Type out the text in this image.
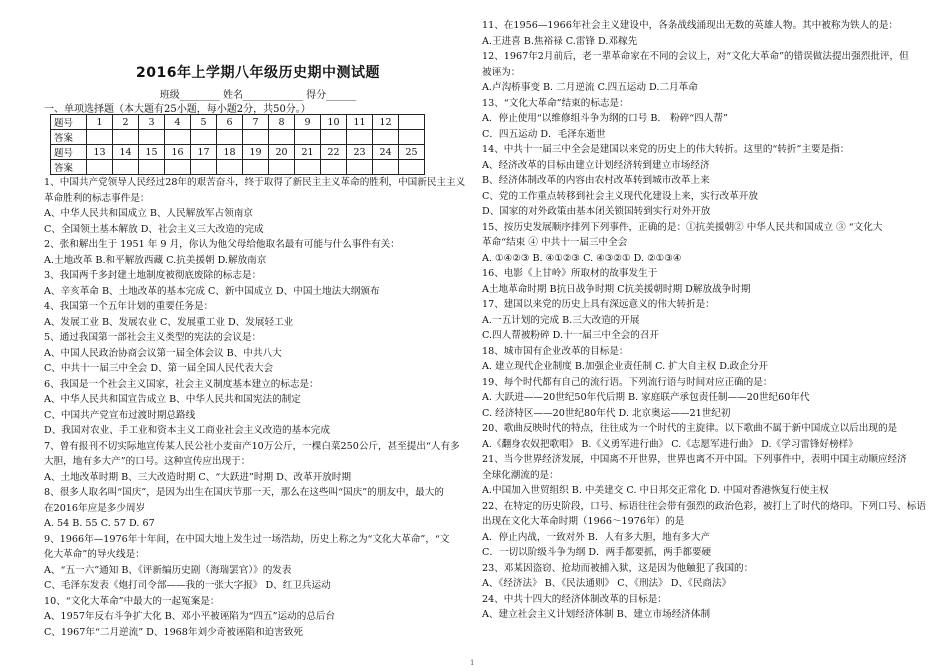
2016年上学期八年级历史期中测试题
班级________ 姓名____________ 得分______
一、单项选择题（本大题有25小题，每小题2分，共50分。）
题号	1	2	3	4	5	6	7	8	9	10	11	12	
答案													
题号	13	14	15	16	17	18	19	20	21	22	23	24	25
答案													
1、中国共产党领导人民经过28年的艰苦奋斗，终于取得了新民主主义革命的胜利，中国新民主主义
革命胜利的标志事件是：
A、中华人民共和国成立 B、人民解放军占领南京
C、全国领土基本解放 D、社会主义三大改造的完成
2、张和解出生于 1951 年 9 月，你认为他父母给他取名最有可能与什么事件有关：
A.土地改革 B.和平解放西藏 C.抗美援朝 D.解放南京
3、我国两千多封建土地制度被彻底废除的标志是：
A、辛亥革命 B、土地改革的基本完成 C、新中国成立 D、中国土地法大纲颁布
4、我国第一个五年计划的重要任务是：
A、发展工业 B、发展农业 C、发展重工业 D、发展轻工业
5、通过我国第一部社会主义类型的宪法的会议是：
A、中国人民政治协商会议第一届全体会议 B、中共八大
C、中共十一届三中全会 D、第一届全国人民代表大会
6、我国是一个社会主义国家，社会主义制度基本建立的标志是：
A、中华人民共和国宣告成立 B、中华人民共和国宪法的制定
C、中国共产党宣布过渡时期总路线
D、我国对农业、手工业和资本主义工商业社会主义改造的基本完成
7、曾有报刊不切实际地宣传某人民公社小麦亩产10万公斤，一棵白菜250公斤，甚至提出“人有多
大胆，地有多大产”的口号。这种宣传应出现于：
A、土地改革时期 B、三大改造时期 C、“大跃进”时期 D、改革开放时期
8、很多人取名叫“国庆”，是因为出生在国庆节那一天，那么在这些叫“国庆”的朋友中，最大的
在2016年应是多少周岁
A. 54 B. 55 C. 57 D. 67
9、1966年—1976年十年间，在中国大地上发生过一场浩劫，历史上称之为“文化大革命”，“文
化大革命”的导火线是：
A、“五一六”通知 B、《评新编历史剧（海瑞罢官）》的发表
C、毛泽东发表《炮打司令部——我的一张大字报》 D、红卫兵运动
10、“文化大革命”中最大的一起冤案是：
A、1957年反右斗争扩大化 B、邓小平被诬陷为“四五”运动的总后台
C、1967年“二月逆流” D、1968年刘少奇被诬陷和迫害致死
11、在1956—1966年社会主义建设中，各条战线涌现出无数的英雄人物。其中被称为铁人的是：
A.王进喜 B.焦裕禄 C.雷锋 D.邓稼先
12、1967年2月前后，老一辈革命家在不同的会议上，对“文化大革命”的错误做法提出强烈批评，但
被诬为：
A.卢沟桥事变 B. 二月逆流 C.四五运动 D.二月革命
13、“文化大革命”结束的标志是：
A．停止使用“以维修组斗争为纲的口号 B． 粉碎“四人帮”
C．四五运动 D．毛泽东逝世
14、中共十一届三中全会是建国以来党的历史上的伟大转折。这里的“转折”主要是指：
A、经济改革的目标由建立计划经济转到建立市场经济
B、经济体制改革的内容由农村改革转到城市改革上来
C、党的工作重点转移到社会主义现代化建设上来，实行改革开放
D、国家的对外政策由基本闭关锁国转到实行对外开放
15、按历史发展顺序排列下列事件，正确的是：①抗美援朝② 中华人民共和国成立 ③ “文化大
革命“结束 ④ 中共十一届三中全会
A. ①④②③ B. ④①②③ C. ④③②① D. ②①③④
16、电影《上甘岭》所取材的故事发生于
A土地革命时期 B抗日战争时期 C抗美援朝时期 D解放战争时期
17、建国以来党的历史上具有深远意义的伟大转折是：
A.一五计划的完成 B.三大改造的开展
C.四人帮被粉碎 D.十一届三中全会的召开
18、城市国有企业改革的目标是：
A. 建立现代企业制度 B.加强企业责任制 C. 扩大自主权 D.政企分开
19、每个时代都有自己的流行语。下列流行语与时间对应正确的是：
A. 大跃进——20世纪50年代后期 B. 家庭联产承包责任制——20世纪60年代
C. 经济特区——20世纪80年代 D. 北京奥运——21世纪初
20、歌曲反映时代的特点，往往成为一个时代的主旋律。以下歌曲不属于新中国成立以后出现的是
A.《翻身农奴把歌唱》 B.《义勇军进行曲》 C.《志愿军进行曲》 D.《学习雷锋好榜样》
21、当今世界经济发展，中国离不开世界，世界也离不开中国。下列事件中，表明中国主动顺应经济
全球化潮流的是：
A.中国加入世贸组织 B. 中美建交 C. 中日邦交正常化 D. 中国对香港恢复行使主权
22、在特定的历史阶段，口号、标语往往会带有强烈的政治色彩，被打上了时代的烙印。下列口号、标语
出现在文化大革命时期（1966～1976年）的是
A．停止内战，一致对外 B．人有多大胆，地有多大产
C．一切以阶级斗争为纲 D．两手都要抓，两手都要硬
23、邓某因盗窃、抢劫而被捕入狱，这是因为他触犯了我国的：
A、《经济法》 B、《民法通则》 C、《刑法》 D、《民商法》
24、中共十四大的经济体制改革的目标是：
A、建立社会主义计划经济体制 B、建立市场经济体制
1
